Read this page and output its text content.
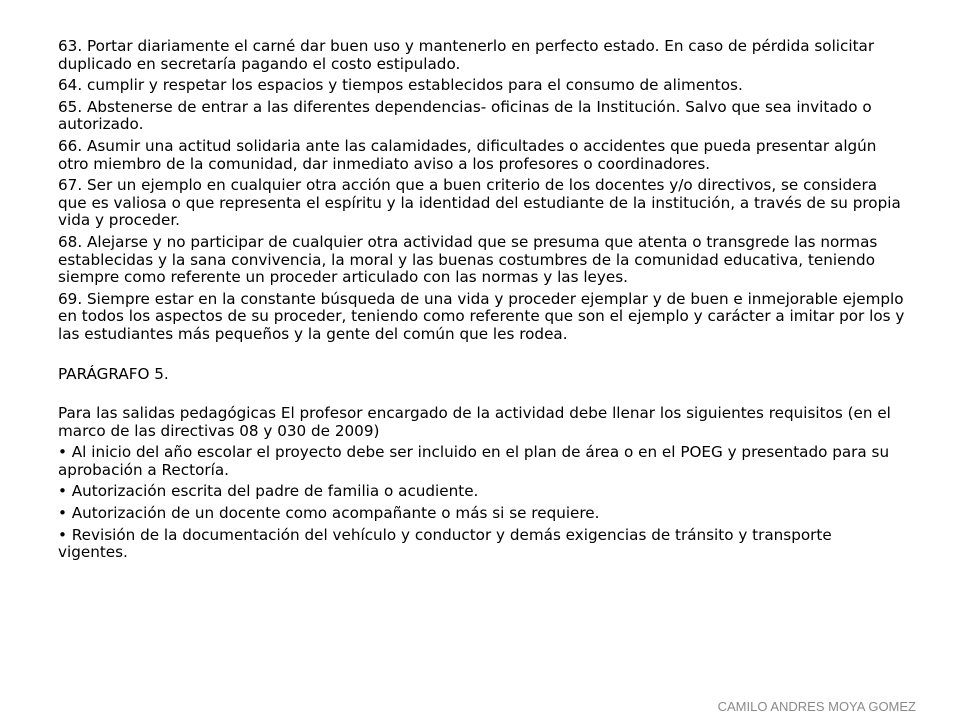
63. Portar diariamente el carné dar buen uso y mantenerlo en perfecto estado. En caso de pérdida solicitar duplicado en secretaría pagando el costo estipulado.

64. cumplir y respetar los espacios y tiempos establecidos para el consumo de alimentos.

65. Abstenerse de entrar a las diferentes dependencias- oficinas de la Institución. Salvo que sea invitado o autorizado.

66. Asumir una actitud solidaria ante las calamidades, dificultades o accidentes que pueda presentar algún otro miembro de la comunidad, dar inmediato aviso a los profesores o coordinadores.

67. Ser un ejemplo en cualquier otra acción que a buen criterio de los docentes y/o directivos, se considera que es valiosa o que representa el espíritu y la identidad del estudiante de la institución, a través de su propia vida y proceder.

68. Alejarse y no participar de cualquier otra actividad que se presuma que atenta o transgrede las normas establecidas y la sana convivencia, la moral y las buenas costumbres de la comunidad educativa, teniendo siempre como referente un proceder articulado con las normas y las leyes.

69. Siempre estar en la constante búsqueda de una vida y proceder ejemplar y de buen e inmejorable ejemplo en todos los aspectos de su proceder, teniendo como referente que son el ejemplo y carácter a imitar por los y las estudiantes más pequeños y la gente del común que les rodea.

PARÁGRAFO 5.

Para las salidas pedagógicas El profesor encargado de la actividad debe llenar los siguientes requisitos (en el marco de las directivas 08 y 030 de 2009)

• Al inicio del año escolar el proyecto debe ser incluido en el plan de área o en el POEG y presentado para su aprobación a Rectoría.

• Autorización escrita del padre de familia o acudiente.

• Autorización de un docente como acompañante o más si se requiere.

• Revisión de la documentación del vehículo y conductor y demás exigencias de tránsito y transporte vigentes.

CAMILO ANDRES MOYA GOMEZ
